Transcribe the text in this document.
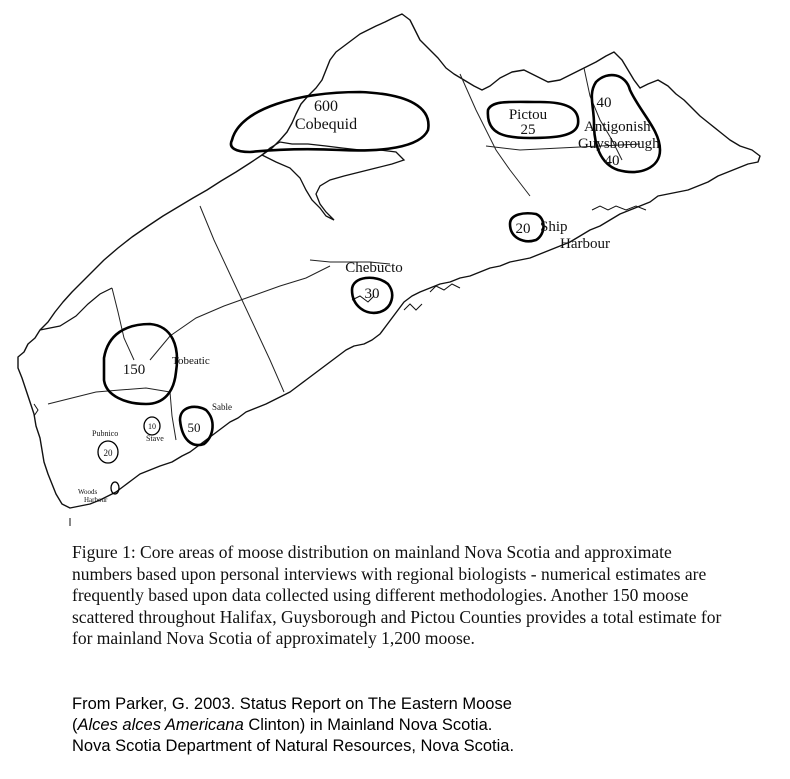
600
Cobequid
Pictou
25
40
Antigonish
Guysborough
40
20 Ship
Harbour
Chebucto
30
150
Tobeatic
Sable
50
Pubnico
20
10
Stave
Woods
Harbour
Figure 1: Core areas of moose distribution on mainland Nova Scotia and approximate numbers based upon personal interviews with regional biologists - numerical estimates are frequently based upon data collected using different methodologies. Another 150 moose scattered throughout Halifax, Guysborough and Pictou Counties provides a total estimate for for mainland Nova Scotia of approximately 1,200 moose.
From Parker, G. 2003. Status Report on The Eastern Moose
(Alces alces Americana Clinton) in Mainland Nova Scotia.
Nova Scotia Department of Natural Resources, Nova Scotia.
